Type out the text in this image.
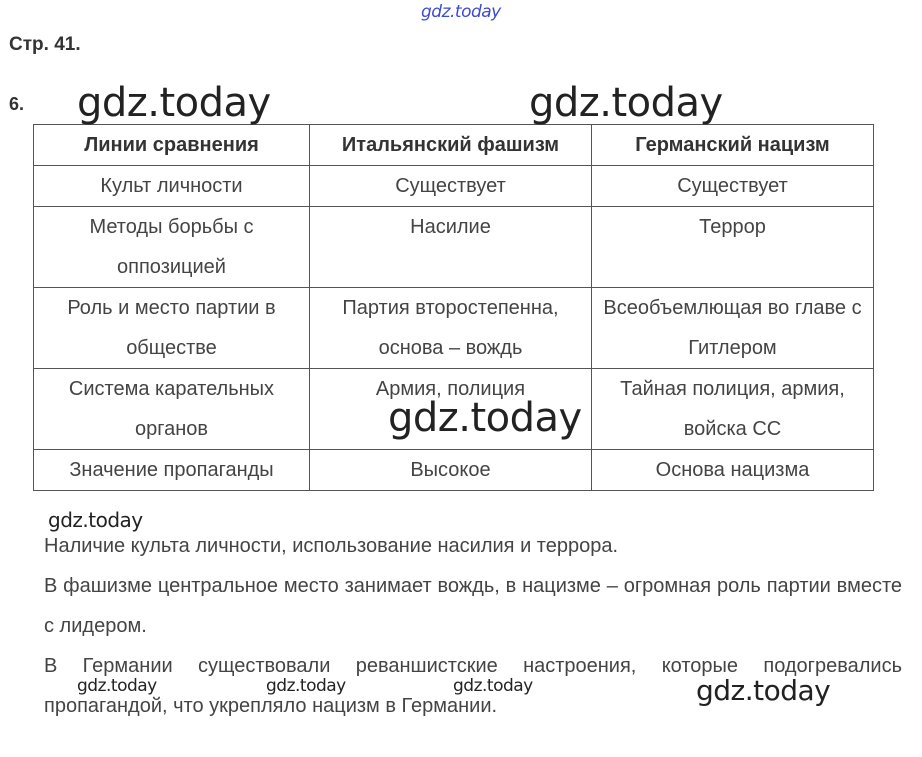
gdz.today
Стр. 41.
6.
Линии сравнения	Итальянский фашизм	Германский нацизм
Культ личности	Существует	Существует
Методы борьбы с оппозицией	Насилие	Террор
Роль и место партии в обществе	Партия второстепенна, основа – вождь	Всеобъемлющая во главе с Гитлером
Система карательных органов	Армия, полиция	Тайная полиция, армия, войска СС
Значение пропаганды	Высокое	Основа нацизма
Наличие культа личности, использование насилия и террора.
В фашизме центральное место занимает вождь, в нацизме – огромная роль партии вместе с лидером.
В Германии существовали реваншистские настроения, которые подогревались пропагандой, что укрепляло нацизм в Германии.
gdz.today	gdz.today
gdz.today
gdz.today
gdz.today	gdz.today	gdz.today	gdz.today
